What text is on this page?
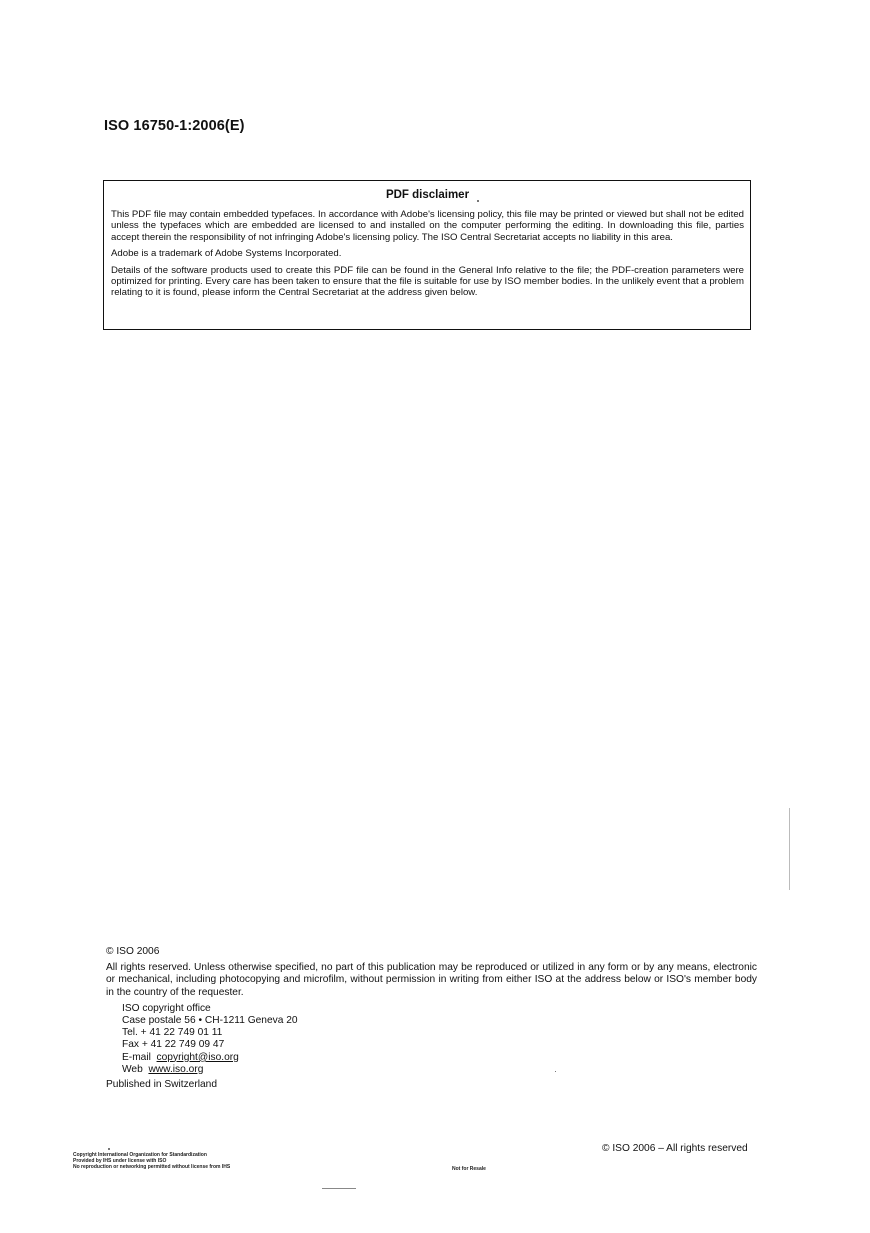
ISO 16750-1:2006(E)
PDF disclaimer

This PDF file may contain embedded typefaces. In accordance with Adobe's licensing policy, this file may be printed or viewed but shall not be edited unless the typefaces which are embedded are licensed to and installed on the computer performing the editing. In downloading this file, parties accept therein the responsibility of not infringing Adobe's licensing policy. The ISO Central Secretariat accepts no liability in this area.

Adobe is a trademark of Adobe Systems Incorporated.

Details of the software products used to create this PDF file can be found in the General Info relative to the file; the PDF-creation parameters were optimized for printing. Every care has been taken to ensure that the file is suitable for use by ISO member bodies. In the unlikely event that a problem relating to it is found, please inform the Central Secretariat at the address given below.

© ISO 2006
All rights reserved. Unless otherwise specified, no part of this publication may be reproduced or utilized in any form or by any means, electronic or mechanical, including photocopying and microfilm, without permission in writing from either ISO at the address below or ISO's member body in the country of the requester.
ISO copyright office
Case postale 56 • CH-1211 Geneva 20
Tel. + 41 22 749 01 11
Fax + 41 22 749 09 47
E-mail copyright@iso.org
Web www.iso.org
Published in Switzerland
Copyright International Organization for Standardization
Provided by IHS under license with ISO
No reproduction or networking permitted without license from IHS	Not for Resale
© ISO 2006 – All rights reserved
